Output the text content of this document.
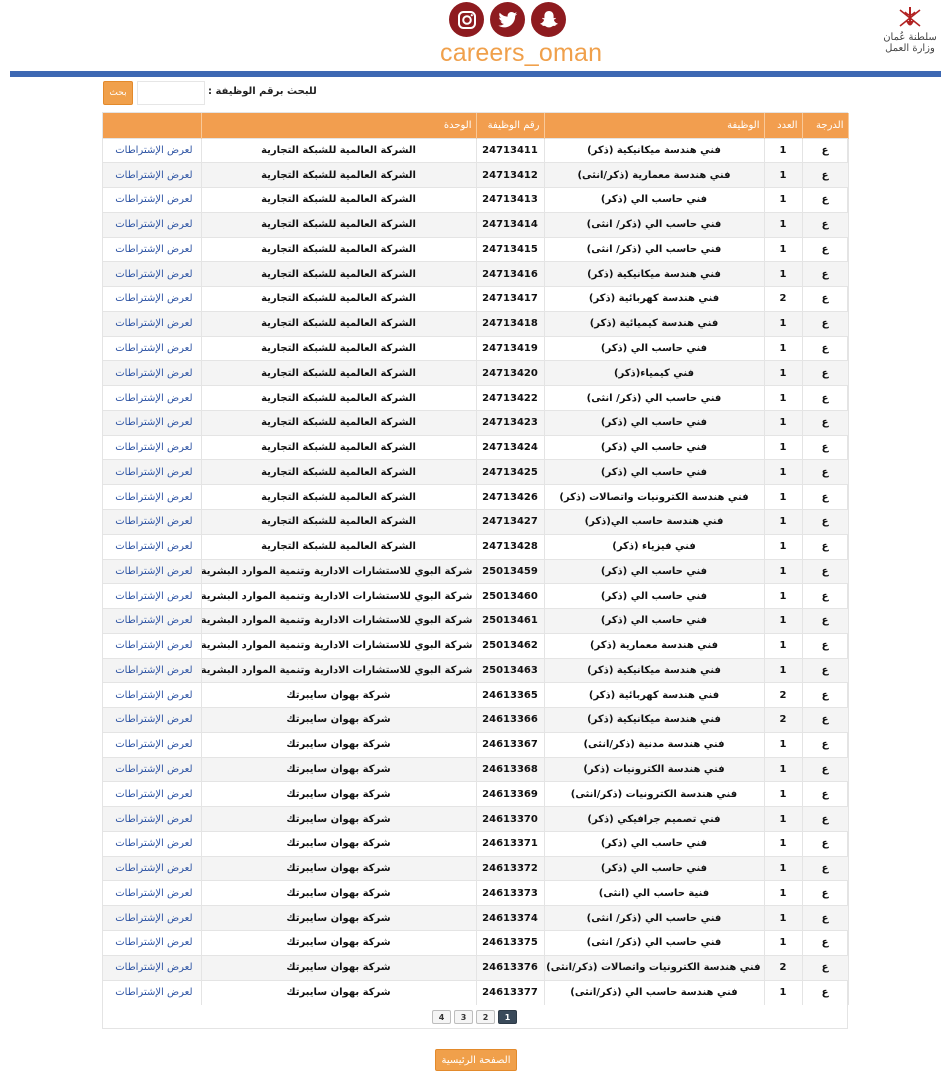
careers_oman
سلطنة عُمان
وزارة العمل
بحث	للبحث برقم الوظيفة :
	الوحدة	رقم الوظيفة	الوظيفة	العدد	الدرجة
لعرض الإشتراطات	الشركة العالمية للشبكة التجارية	24713411	فني هندسة ميكانيكية (ذكر)	1	ع
لعرض الإشتراطات	الشركة العالمية للشبكة التجارية	24713412	فني هندسة معمارية (ذكر/انثى)	1	ع
لعرض الإشتراطات	الشركة العالمية للشبكة التجارية	24713413	فني حاسب الي (ذكر)	1	ع
لعرض الإشتراطات	الشركة العالمية للشبكة التجارية	24713414	فني حاسب الي (ذكر/ انثى)	1	ع
لعرض الإشتراطات	الشركة العالمية للشبكة التجارية	24713415	فني حاسب الي (ذكر/ انثى)	1	ع
لعرض الإشتراطات	الشركة العالمية للشبكة التجارية	24713416	فني هندسة ميكانيكية (ذكر)	1	ع
لعرض الإشتراطات	الشركة العالمية للشبكة التجارية	24713417	فني هندسة كهربائية (ذكر)	2	ع
لعرض الإشتراطات	الشركة العالمية للشبكة التجارية	24713418	فني هندسة كيميائية (ذكر)	1	ع
لعرض الإشتراطات	الشركة العالمية للشبكة التجارية	24713419	فني حاسب الي (ذكر)	1	ع
لعرض الإشتراطات	الشركة العالمية للشبكة التجارية	24713420	فني كيمياء(ذكر)	1	ع
لعرض الإشتراطات	الشركة العالمية للشبكة التجارية	24713422	فني حاسب الي (ذكر/ انثى)	1	ع
لعرض الإشتراطات	الشركة العالمية للشبكة التجارية	24713423	فني حاسب الي (ذكر)	1	ع
لعرض الإشتراطات	الشركة العالمية للشبكة التجارية	24713424	فني حاسب الي (ذكر)	1	ع
لعرض الإشتراطات	الشركة العالمية للشبكة التجارية	24713425	فني حاسب الي (ذكر)	1	ع
لعرض الإشتراطات	الشركة العالمية للشبكة التجارية	24713426	فني هندسة الكترونيات واتصالات (ذكر)	1	ع
لعرض الإشتراطات	الشركة العالمية للشبكة التجارية	24713427	فني هندسة حاسب الي(ذكر)	1	ع
لعرض الإشتراطات	الشركة العالمية للشبكة التجارية	24713428	فني فيزياء (ذكر)	1	ع
لعرض الإشتراطات	شركة البوي للاستشارات الادارية وتنمية الموارد البشرية	25013459	فني حاسب الي (ذكر)	1	ع
لعرض الإشتراطات	شركة البوي للاستشارات الادارية وتنمية الموارد البشرية	25013460	فني حاسب الي (ذكر)	1	ع
لعرض الإشتراطات	شركة البوي للاستشارات الادارية وتنمية الموارد البشرية	25013461	فني حاسب الي (ذكر)	1	ع
لعرض الإشتراطات	شركة البوي للاستشارات الادارية وتنمية الموارد البشرية	25013462	فني هندسة معمارية (ذكر)	1	ع
لعرض الإشتراطات	شركة البوي للاستشارات الادارية وتنمية الموارد البشرية	25013463	فني هندسة ميكانيكية (ذكر)	1	ع
لعرض الإشتراطات	شركة بهوان سايبرتك	24613365	فني هندسة كهربائية (ذكر)	2	ع
لعرض الإشتراطات	شركة بهوان سايبرتك	24613366	فني هندسة ميكانيكية (ذكر)	2	ع
لعرض الإشتراطات	شركة بهوان سايبرتك	24613367	فني هندسة مدنية (ذكر/انثى)	1	ع
لعرض الإشتراطات	شركة بهوان سايبرتك	24613368	فني هندسة الكترونيات (ذكر)	1	ع
لعرض الإشتراطات	شركة بهوان سايبرتك	24613369	فني هندسة الكترونيات (ذكر/انثى)	1	ع
لعرض الإشتراطات	شركة بهوان سايبرتك	24613370	فني تصميم جرافيكي (ذكر)	1	ع
لعرض الإشتراطات	شركة بهوان سايبرتك	24613371	فني حاسب الي (ذكر)	1	ع
لعرض الإشتراطات	شركة بهوان سايبرتك	24613372	فني حاسب الي (ذكر)	1	ع
لعرض الإشتراطات	شركة بهوان سايبرتك	24613373	فنية حاسب الي (انثى)	1	ع
لعرض الإشتراطات	شركة بهوان سايبرتك	24613374	فني حاسب الي (ذكر/ انثى)	1	ع
لعرض الإشتراطات	شركة بهوان سايبرتك	24613375	فني حاسب الي (ذكر/ انثى)	1	ع
لعرض الإشتراطات	شركة بهوان سايبرتك	24613376	فني هندسة الكترونيات واتصالات (ذكر/انثى)	2	ع
لعرض الإشتراطات	شركة بهوان سايبرتك	24613377	فني هندسة حاسب الي (ذكر/انثى)	1	ع
1
2
3
4
الصفحة الرئيسية
